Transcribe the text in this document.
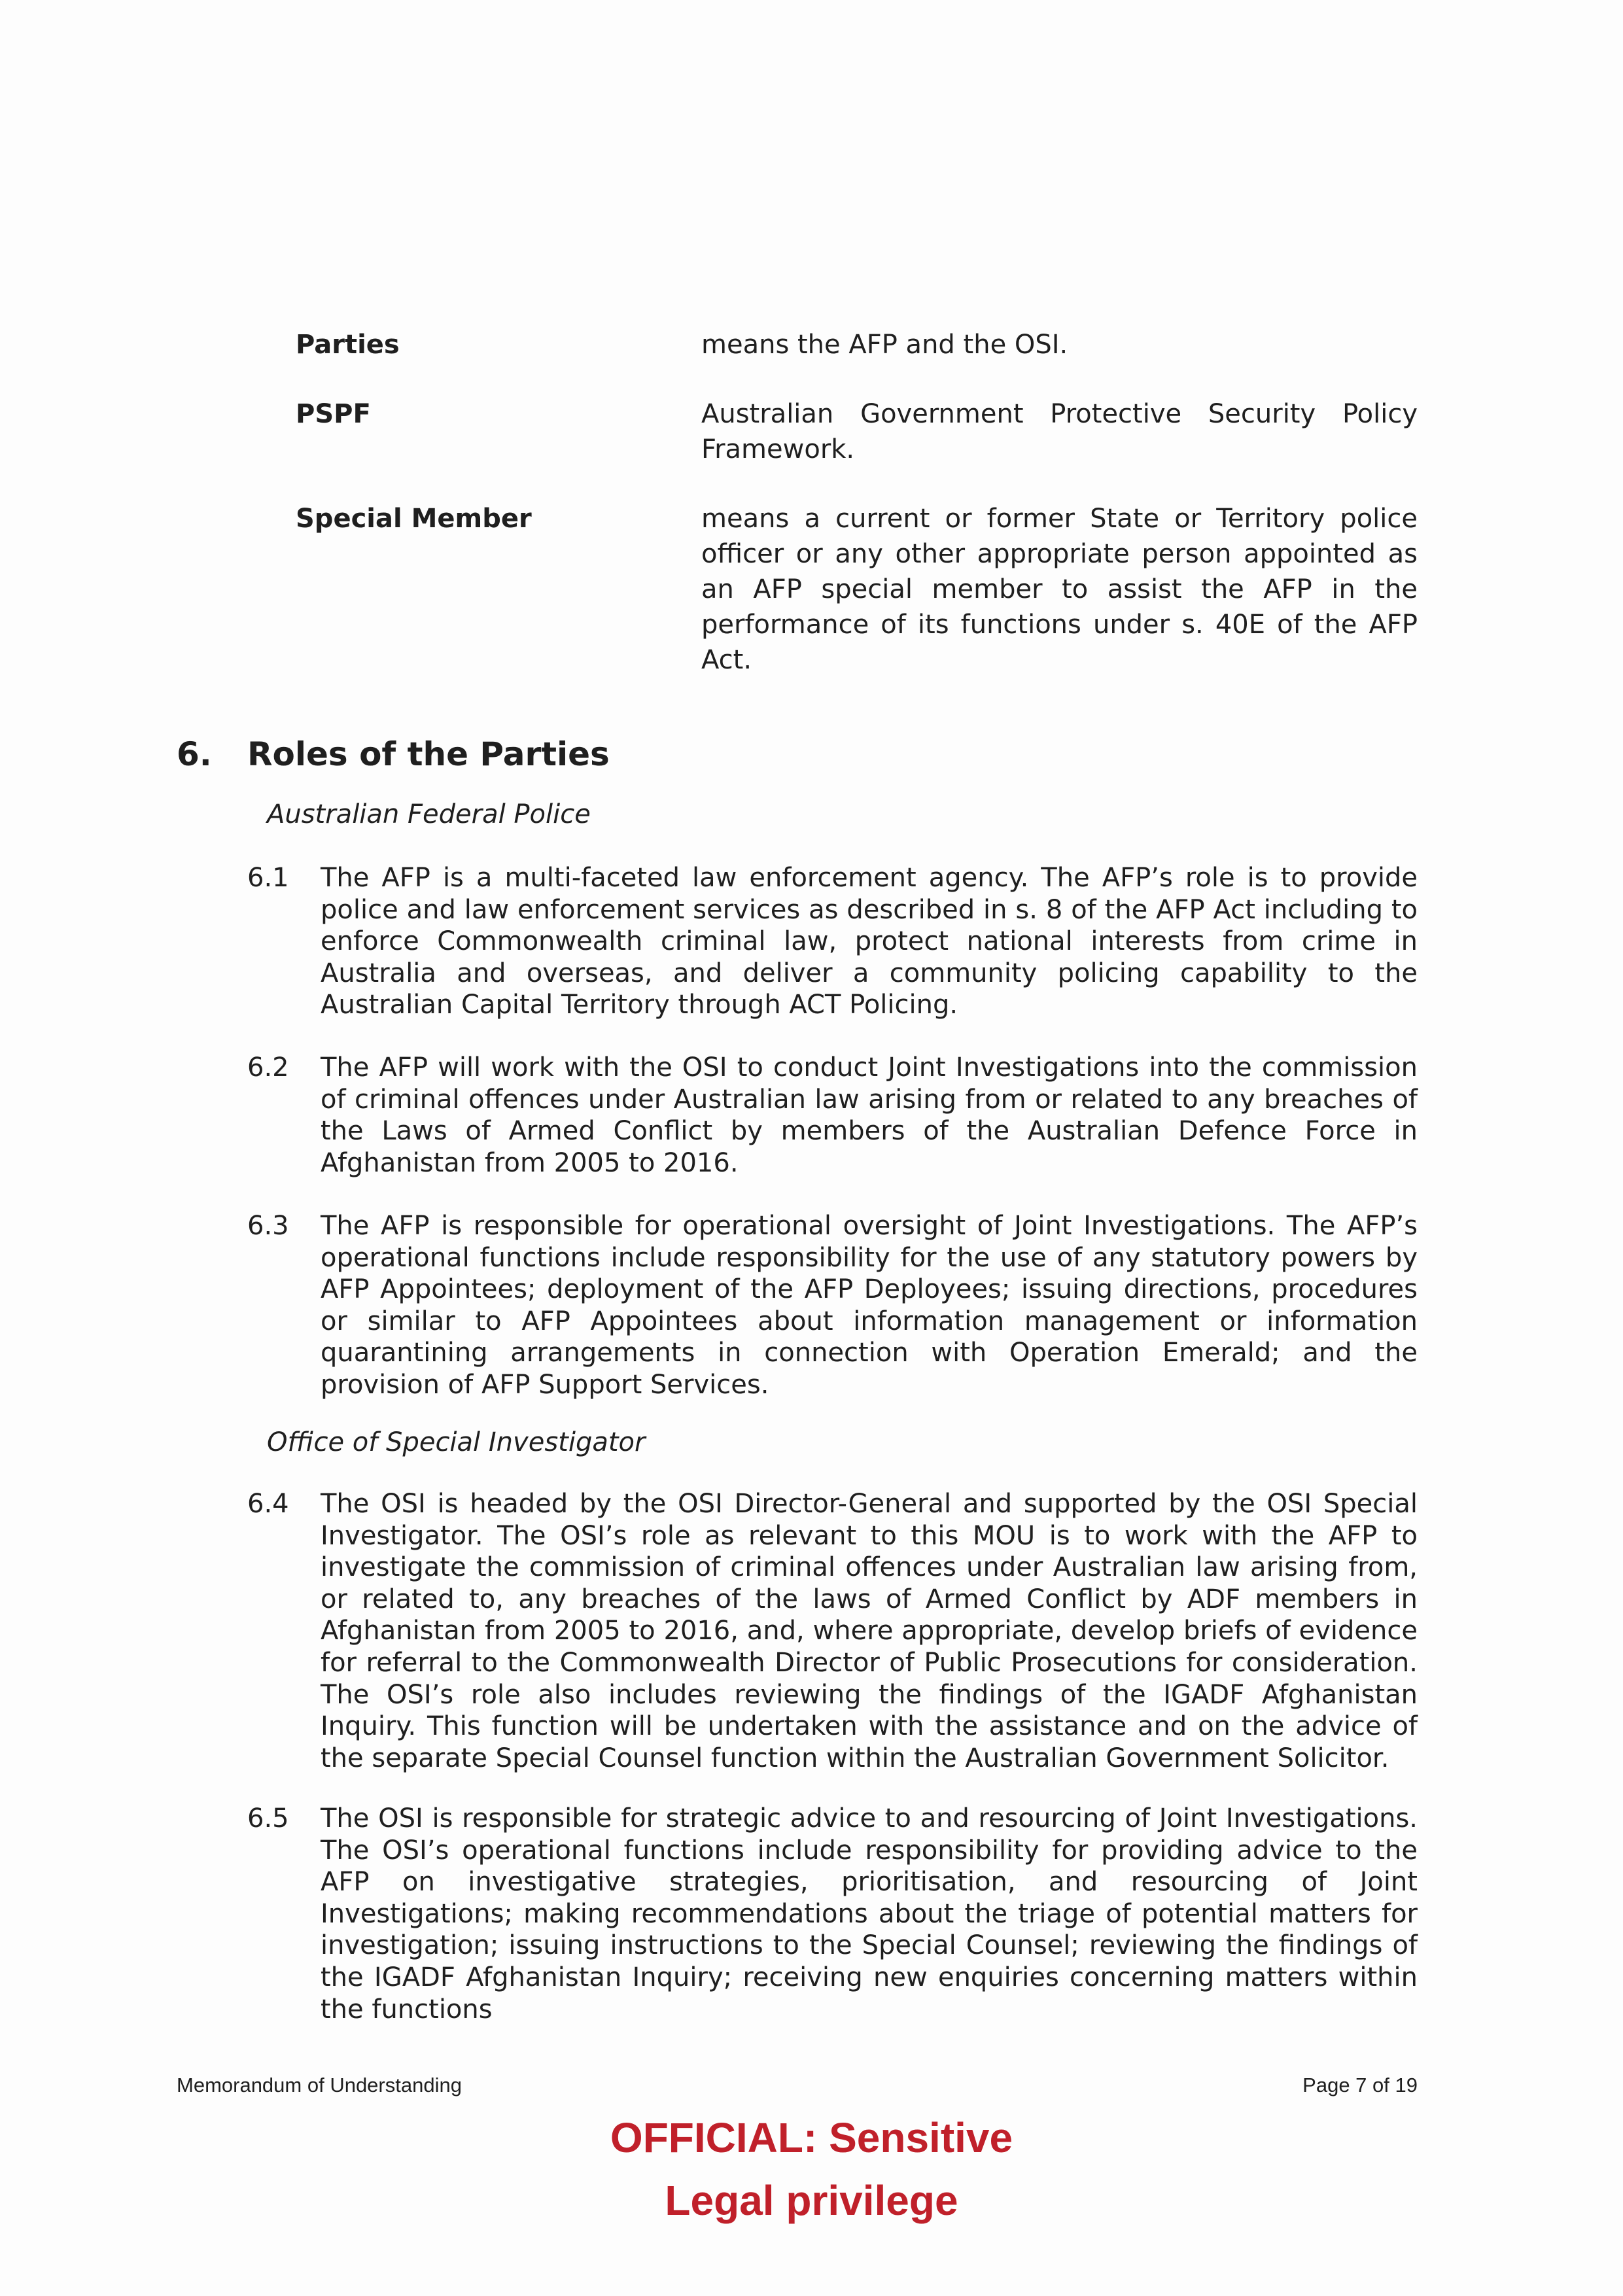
Parties	means the AFP and the OSI.
PSPF	Australian Government Protective Security Policy Framework.
Special Member	means a current or former State or Territory police officer or any other appropriate person appointed as an AFP special member to assist the AFP in the performance of its functions under s. 40E of the AFP Act.
6.	Roles of the Parties
Australian Federal Police
6.1	The AFP is a multi-faceted law enforcement agency. The AFP’s role is to provide police and law enforcement services as described in s. 8 of the AFP Act including to enforce Commonwealth criminal law, protect national interests from crime in Australia and overseas, and deliver a community policing capability to the Australian Capital Territory through ACT Policing.
6.2	The AFP will work with the OSI to conduct Joint Investigations into the commission of criminal offences under Australian law arising from or related to any breaches of the Laws of Armed Conflict by members of the Australian Defence Force in Afghanistan from 2005 to 2016.
6.3	The AFP is responsible for operational oversight of Joint Investigations. The AFP’s operational functions include responsibility for the use of any statutory powers by AFP Appointees; deployment of the AFP Deployees; issuing directions, procedures or similar to AFP Appointees about information management or information quarantining arrangements in connection with Operation Emerald; and the provision of AFP Support Services.
Office of Special Investigator
6.4	The OSI is headed by the OSI Director-General and supported by the OSI Special Investigator. The OSI’s role as relevant to this MOU is to work with the AFP to investigate the commission of criminal offences under Australian law arising from, or related to, any breaches of the laws of Armed Conflict by ADF members in Afghanistan from 2005 to 2016, and, where appropriate, develop briefs of evidence for referral to the Commonwealth Director of Public Prosecutions for consideration. The OSI’s role also includes reviewing the findings of the IGADF Afghanistan Inquiry. This function will be undertaken with the assistance and on the advice of the separate Special Counsel function within the Australian Government Solicitor.
6.5	The OSI is responsible for strategic advice to and resourcing of Joint Investigations. The OSI’s operational functions include responsibility for providing advice to the AFP on investigative strategies, prioritisation, and resourcing of Joint Investigations; making recommendations about the triage of potential matters for investigation; issuing instructions to the Special Counsel; reviewing the findings of the IGADF Afghanistan Inquiry; receiving new enquiries concerning matters within the functions
Memorandum of Understanding	Page 7 of 19
OFFICIAL: Sensitive
Legal privilege
